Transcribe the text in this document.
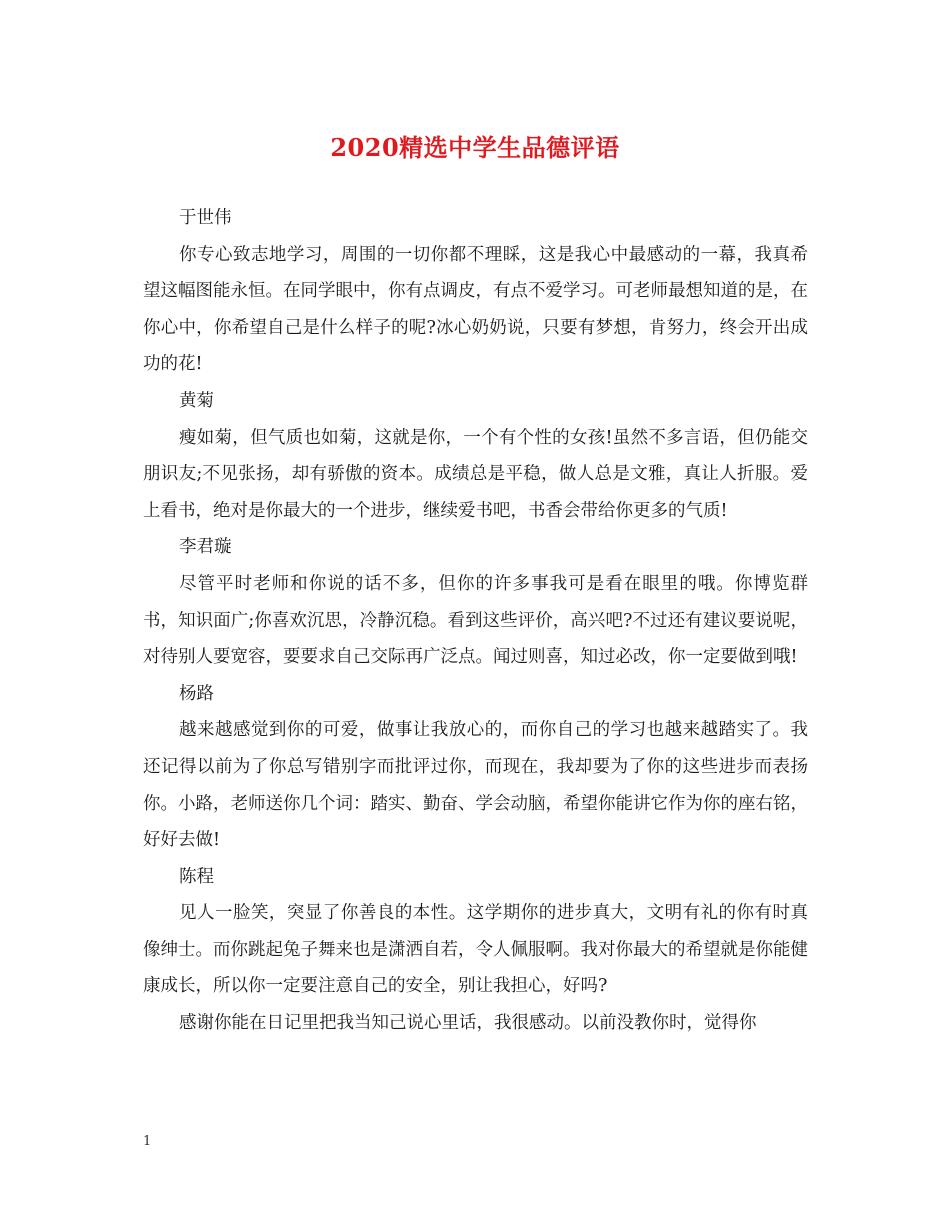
2020精选中学生品德评语

于世伟

你专心致志地学习，周围的一切你都不理睬，这是我心中最感动的一幕，我真希望这幅图能永恒。在同学眼中，你有点调皮，有点不爱学习。可老师最想知道的是，在你心中，你希望自己是什么样子的呢?冰心奶奶说，只要有梦想，肯努力，终会开出成功的花!

黄菊

瘦如菊，但气质也如菊，这就是你，一个有个性的女孩!虽然不多言语，但仍能交朋识友;不见张扬，却有骄傲的资本。成绩总是平稳，做人总是文雅，真让人折服。爱上看书，绝对是你最大的一个进步，继续爱书吧，书香会带给你更多的气质!

李君璇

尽管平时老师和你说的话不多，但你的许多事我可是看在眼里的哦。你博览群书，知识面广;你喜欢沉思，冷静沉稳。看到这些评价，高兴吧?不过还有建议要说呢，对待别人要宽容，要要求自己交际再广泛点。闻过则喜，知过必改，你一定要做到哦!

杨路

越来越感觉到你的可爱，做事让我放心的，而你自己的学习也越来越踏实了。我还记得以前为了你总写错别字而批评过你，而现在，我却要为了你的这些进步而表扬你。小路，老师送你几个词：踏实、勤奋、学会动脑，希望你能讲它作为你的座右铭，好好去做!

陈程

见人一脸笑，突显了你善良的本性。这学期你的进步真大，文明有礼的你有时真像绅士。而你跳起兔子舞来也是潇洒自若，令人佩服啊。我对你最大的希望就是你能健康成长，所以你一定要注意自己的安全，别让我担心，好吗?

感谢你能在日记里把我当知己说心里话，我很感动。以前没教你时，觉得你

1
